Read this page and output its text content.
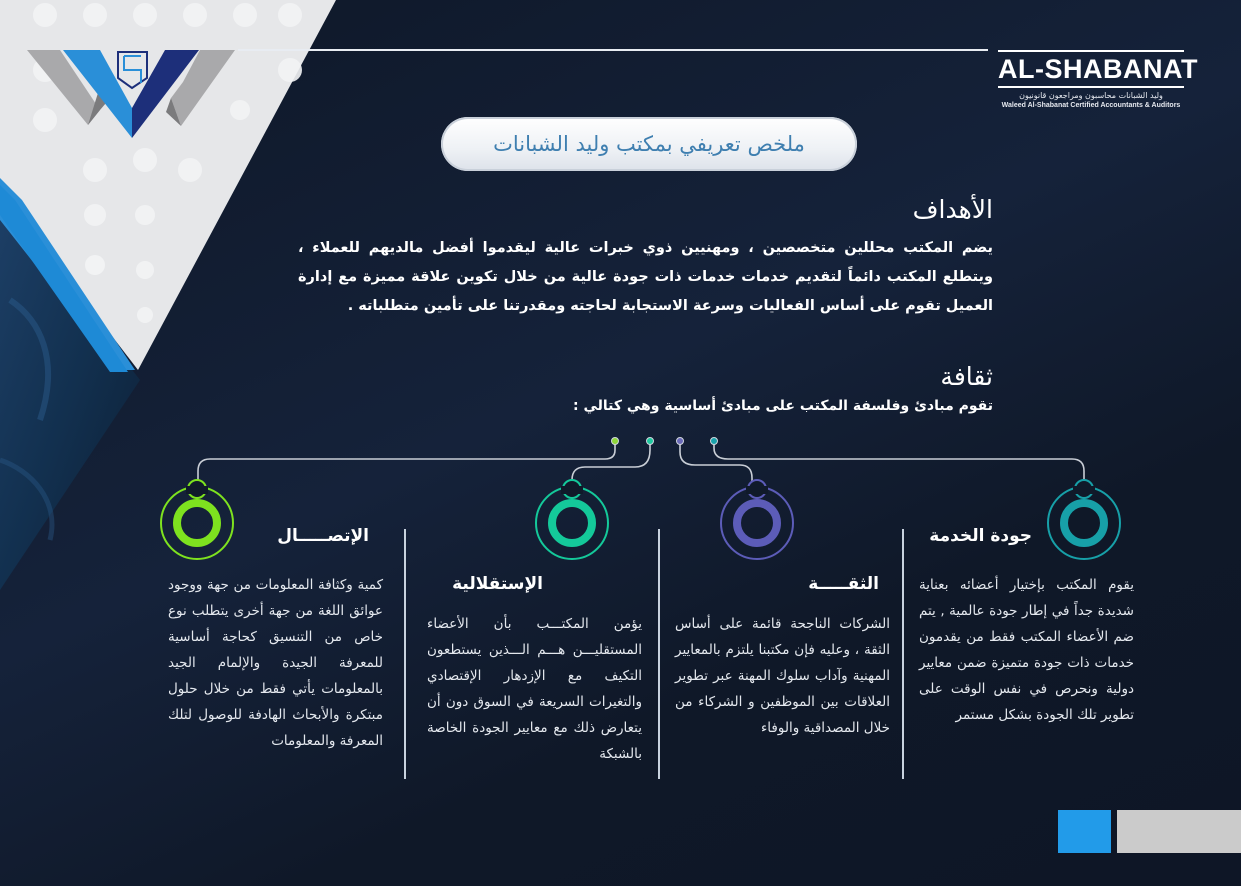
AL-SHABANAT
وليد الشبانات محاسبون ومراجعون قانونيون
Waleed Al-Shabanat Certified Accountants & Auditors
ملخص تعريفي بمكتب وليد الشبانات
الأهداف
يضم المكتب محللين متخصصين ، ومهنيين ذوي خبرات عالية ليقدموا أفضل مالديهم للعملاء ، ويتطلع المكتب دائماً لتقديم خدمات خدمات ذات جودة عالية من خلال تكوين علاقة مميزة مع إدارة العميل تقوم على أساس الفعاليات وسرعة الاستجابة لحاجته ومقدرتنا على تأمين متطلباته .
ثقافة
تقوم مبادئ وفلسفة المكتب على مبادئ أساسية وهي كتالي :
جودة الخدمة
يقوم المكتب بإختيار أعضائه بعناية شديدة جداً في إطار جودة عالمية , يتم ضم الأعضاء المكتب فقط من يقدمون خدمات ذات جودة متميزة ضمن معايير دولية ونحرص في نفس الوقت على تطوير تلك الجودة بشكل مستمر
الثقـــــة
الشركات الناجحة قائمة على أساس الثقة ، وعليه فإن مكتبنا يلتزم بالمعايير المهنية وآداب سلوك المهنة عبر تطوير العلاقات بين الموظفين و الشركاء من خلال المصداقية والوفاء
الإستقلالية
يؤمن المكتـــب بأن الأعضاء المستقليـــن هـــم الـــذين يستطعون التكيف مع الإزدهار الإقتصادي والتغيرات السريعة في السوق دون أن يتعارض ذلك مع معايير الجودة الخاصة بالشبكة
الإتصـــــال
كمية وكثافة المعلومات من جهة ووجود عوائق اللغة من جهة أخرى يتطلب نوع خاص من التنسيق كحاجة أساسية للمعرفة الجيدة والإلمام الجيد بالمعلومات يأتي فقط من خلال حلول مبتكرة والأبحاث الهادفة للوصول لتلك المعرفة والمعلومات
